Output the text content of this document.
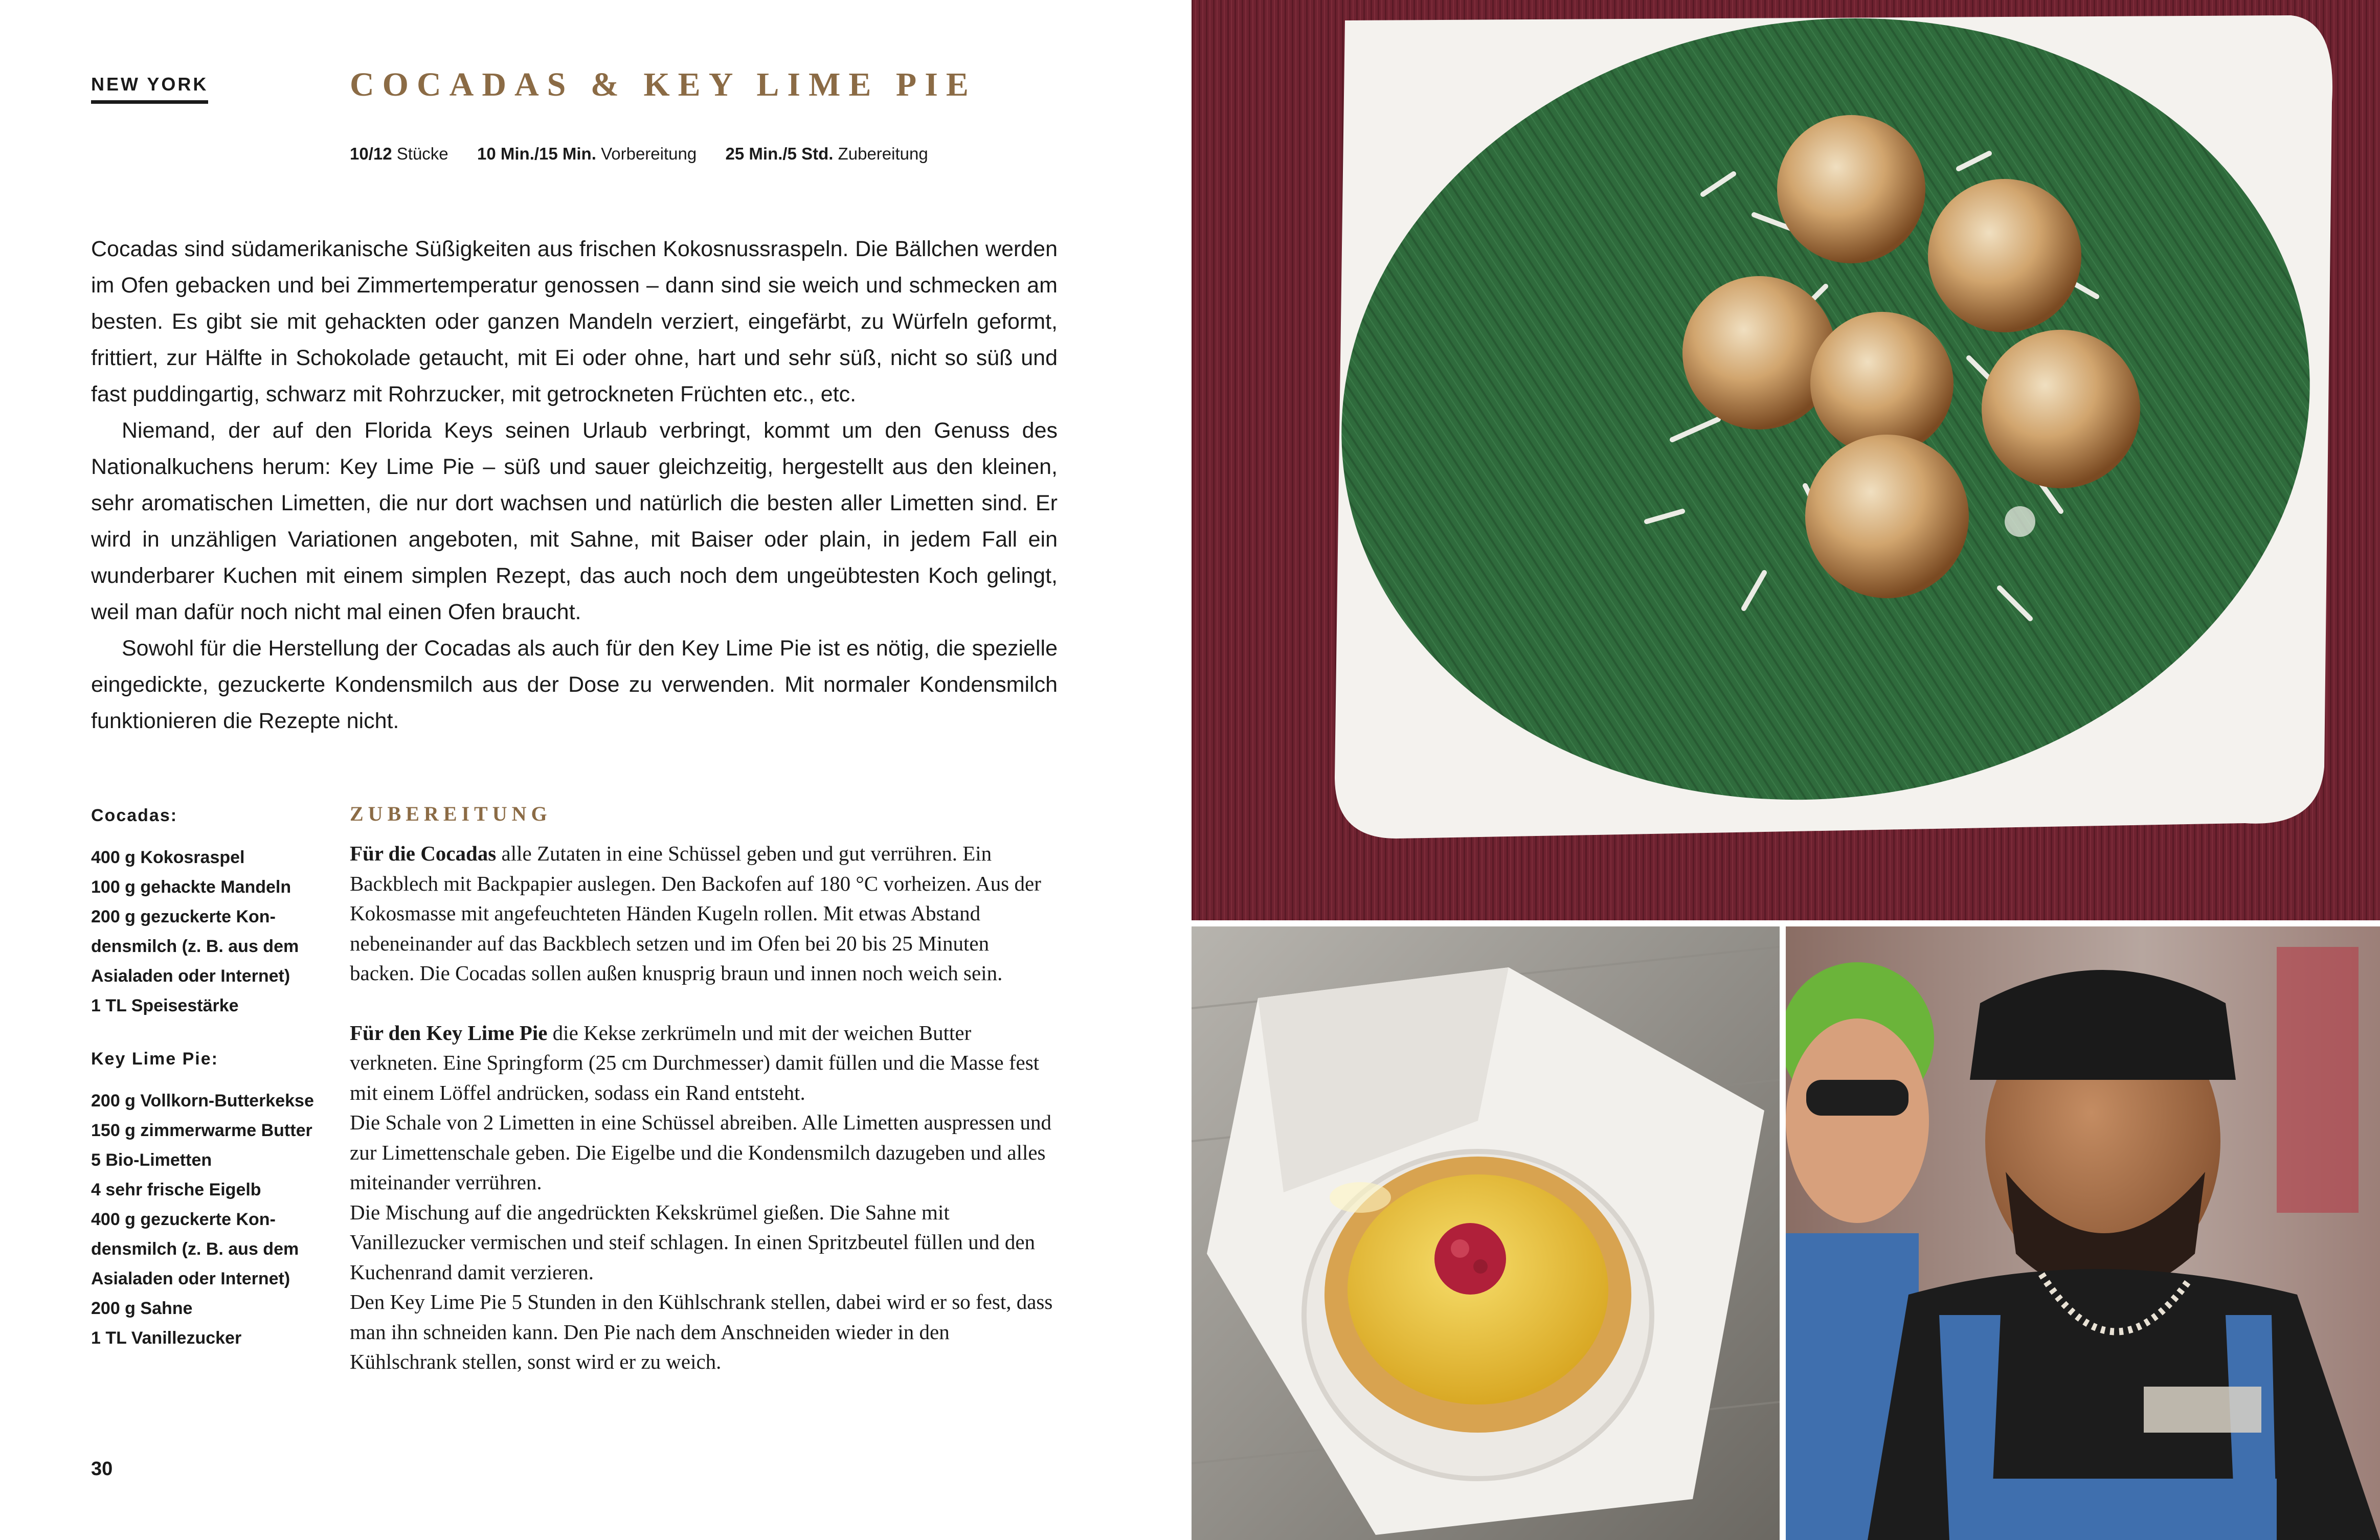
NEW YORK	COCADAS & KEY LIME PIE
10/12 Stücke 10 Min./15 Min. Vorbereitung 25 Min./5 Std. Zubereitung

Cocadas sind südamerikanische Süßigkeiten aus frischen Kokosnussraspeln. Die Bällchen werden im Ofen gebacken und bei Zimmertemperatur genossen – dann sind sie weich und schmecken am besten. Es gibt sie mit gehackten oder ganzen Mandeln verziert, eingefärbt, zu Würfeln geformt, frittiert, zur Hälfte in Schokolade getaucht, mit Ei oder ohne, hart und sehr süß, nicht so süß und fast puddingartig, schwarz mit Rohrzucker, mit getrockneten Früchten etc., etc.

Niemand, der auf den Florida Keys seinen Urlaub verbringt, kommt um den Genuss des Nationalkuchens herum: Key Lime Pie – süß und sauer gleichzeitig, hergestellt aus den kleinen, sehr aromatischen Limetten, die nur dort wachsen und natürlich die besten aller Limetten sind. Er wird in unzähligen Variationen angeboten, mit Sahne, mit Baiser oder plain, in jedem Fall ein wunderbarer Kuchen mit einem simplen Rezept, das auch noch dem ungeübtesten Koch gelingt, weil man dafür noch nicht mal einen Ofen braucht.

Sowohl für die Herstellung der Cocadas als auch für den Key Lime Pie ist es nötig, die spezielle eingedickte, gezuckerte Kondensmilch aus der Dose zu verwenden. Mit normaler Kondensmilch funktionieren die Rezepte nicht.

Cocadas:
400 g Kokosraspel
100 g gehackte Mandeln
200 g gezuckerte Kon-
densmilch (z. B. aus dem
Asialaden oder Internet)
1 TL Speisestärke
Key Lime Pie:
200 g Vollkorn-Butterkekse
150 g zimmerwarme Butter
5 Bio-Limetten
4 sehr frische Eigelb
400 g gezuckerte Kon-
densmilch (z. B. aus dem
Asialaden oder Internet)
200 g Sahne
1 TL Vanillezucker
ZUBEREITUNG

Für die Cocadas alle Zutaten in eine Schüssel geben und gut verrühren. Ein Backblech mit Backpapier auslegen. Den Backofen auf 180 °C vorheizen. Aus der Kokosmasse mit angefeuchteten Händen Kugeln rollen. Mit etwas Abstand nebeneinander auf das Backblech setzen und im Ofen bei 20 bis 25 Minuten backen. Die Cocadas sollen außen knusprig braun und innen noch weich sein.

Für den Key Lime Pie die Kekse zerkrümeln und mit der weichen Butter verkneten. Eine Springform (25 cm Durchmesser) damit füllen und die Masse fest mit einem Löffel andrücken, sodass ein Rand entsteht.

Die Schale von 2 Limetten in eine Schüssel abreiben. Alle Limetten auspressen und zur Limettenschale geben. Die Eigelbe und die Kondensmilch dazugeben und alles miteinander verrühren.

Die Mischung auf die angedrückten Kekskrümel gießen. Die Sahne mit Vanillezucker vermischen und steif schlagen. In einen Spritzbeutel füllen und den Kuchenrand damit verzieren.

Den Key Lime Pie 5 Stunden in den Kühlschrank stellen, dabei wird er so fest, dass man ihn schneiden kann. Den Pie nach dem Anschneiden wieder in den Kühlschrank stellen, sonst wird er zu weich.

30
